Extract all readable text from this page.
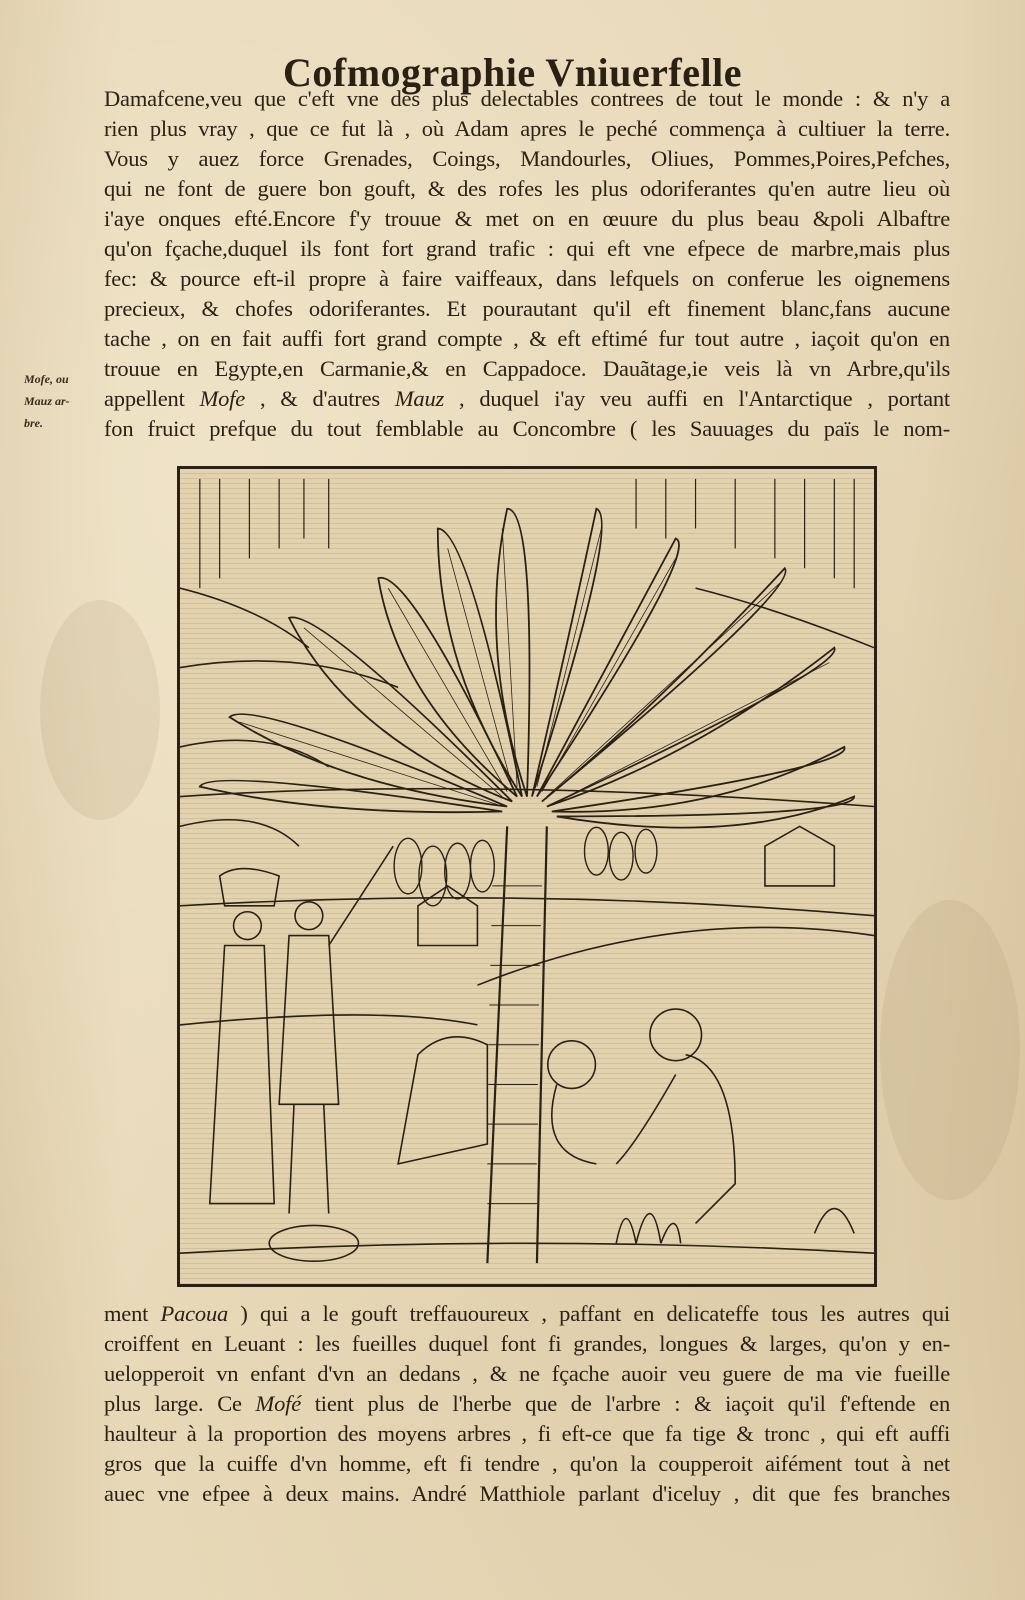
Cofmographie Vniuerfelle
Mofe, ou
Mauz ar-
bre.
Damafcene,veu que c'eft vne des plus delectables contrees de tout le monde : & n'y a
rien plus vray , que ce fut là , où Adam apres le peché commença à cultiuer la terre.
Vous y auez force Grenades, Coings, Mandourles, Oliues, Pommes,Poires,Pefches,
qui ne font de guere bon gouft, & des rofes les plus odoriferantes qu'en autre lieu où
i'aye onques efté.Encore f'y trouue & met on en œuure du plus beau &poli Albaftre
qu'on fçache,duquel ils font fort grand trafic : qui eft vne efpece de marbre,mais plus
fec: & pource eft-il propre à faire vaiffeaux, dans lefquels on conferue les oignemens
precieux, & chofes odoriferantes. Et pourautant qu'il eft finement blanc,fans aucune
tache , on en fait auffi fort grand compte , & eft eftimé fur tout autre , iaçoit qu'on en
trouue en Egypte,en Carmanie,& en Cappadoce. Dauãtage,ie veis là vn Arbre,qu'ils
appellent Mofe , & d'autres Mauz , duquel i'ay veu auffi en l'Antarctique , portant
fon fruict prefque du tout femblable au Concombre ( les Sauuages du païs le nom-
ment Pacoua ) qui a le gouft treffauoureux , paffant en delicateffe tous les autres qui
croiffent en Leuant : les fueilles duquel font fi grandes, longues & larges, qu'on y en-
uelopperoit vn enfant d'vn an dedans , & ne fçache auoir veu guere de ma vie fueille
plus large. Ce Mofé tient plus de l'herbe que de l'arbre : & iaçoit qu'il f'eftende en
haulteur à la proportion des moyens arbres , fi eft-ce que fa tige & tronc , qui eft auffi
gros que la cuiffe d'vn homme, eft fi tendre , qu'on la coupperoit aifément tout à net
auec vne efpee à deux mains. André Matthiole parlant d'iceluy , dit que fes branches
